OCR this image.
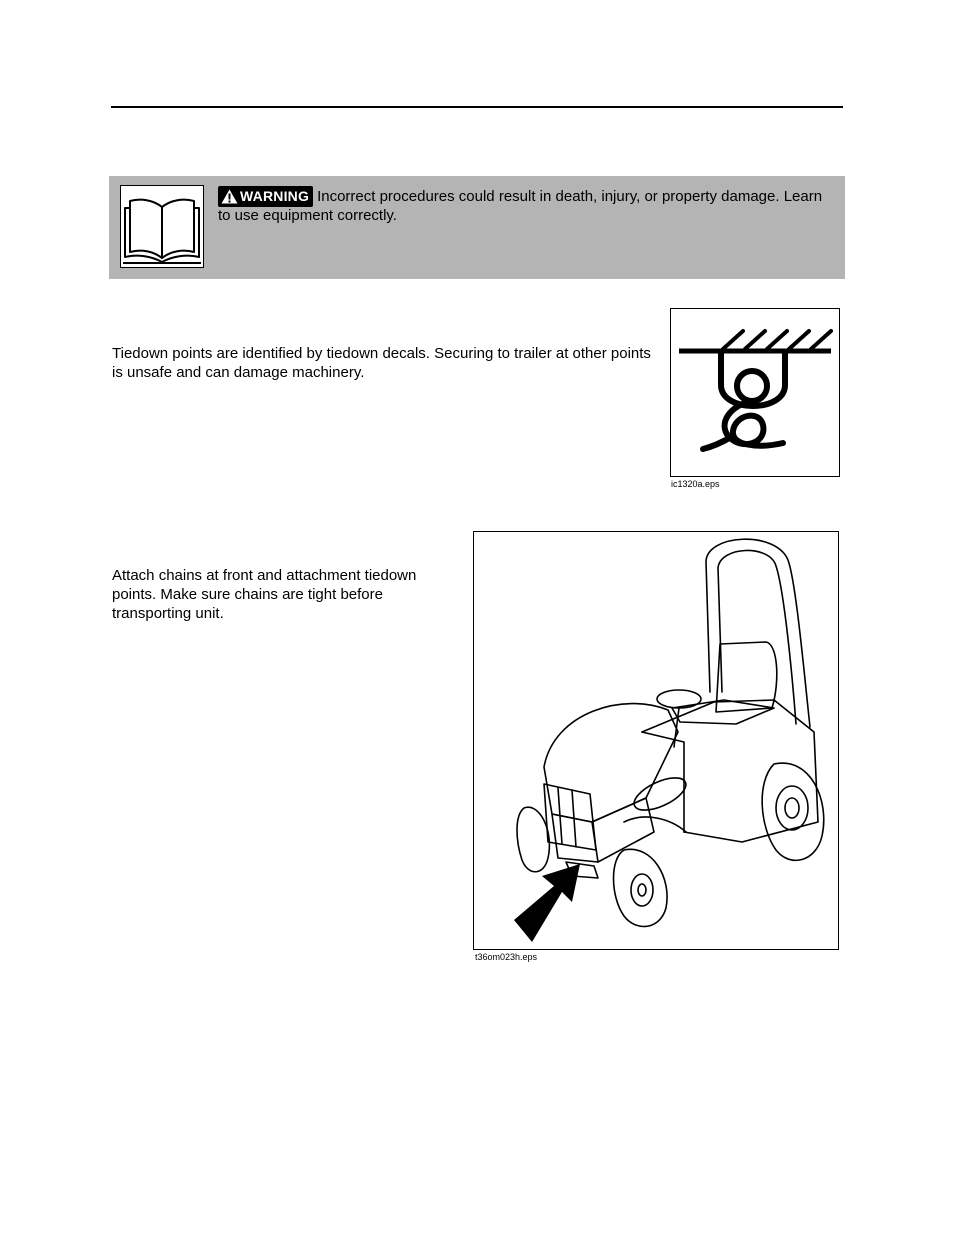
WARNING Incorrect procedures could result in death, injury, or property damage. Learn to use equipment correctly.
Tiedown points are identified by tiedown decals. Securing to trailer at other points is unsafe and can damage machinery.
ic1320a.eps
Attach chains at front and attachment tiedown points. Make sure chains are tight before transporting unit.
t36om023h.eps
